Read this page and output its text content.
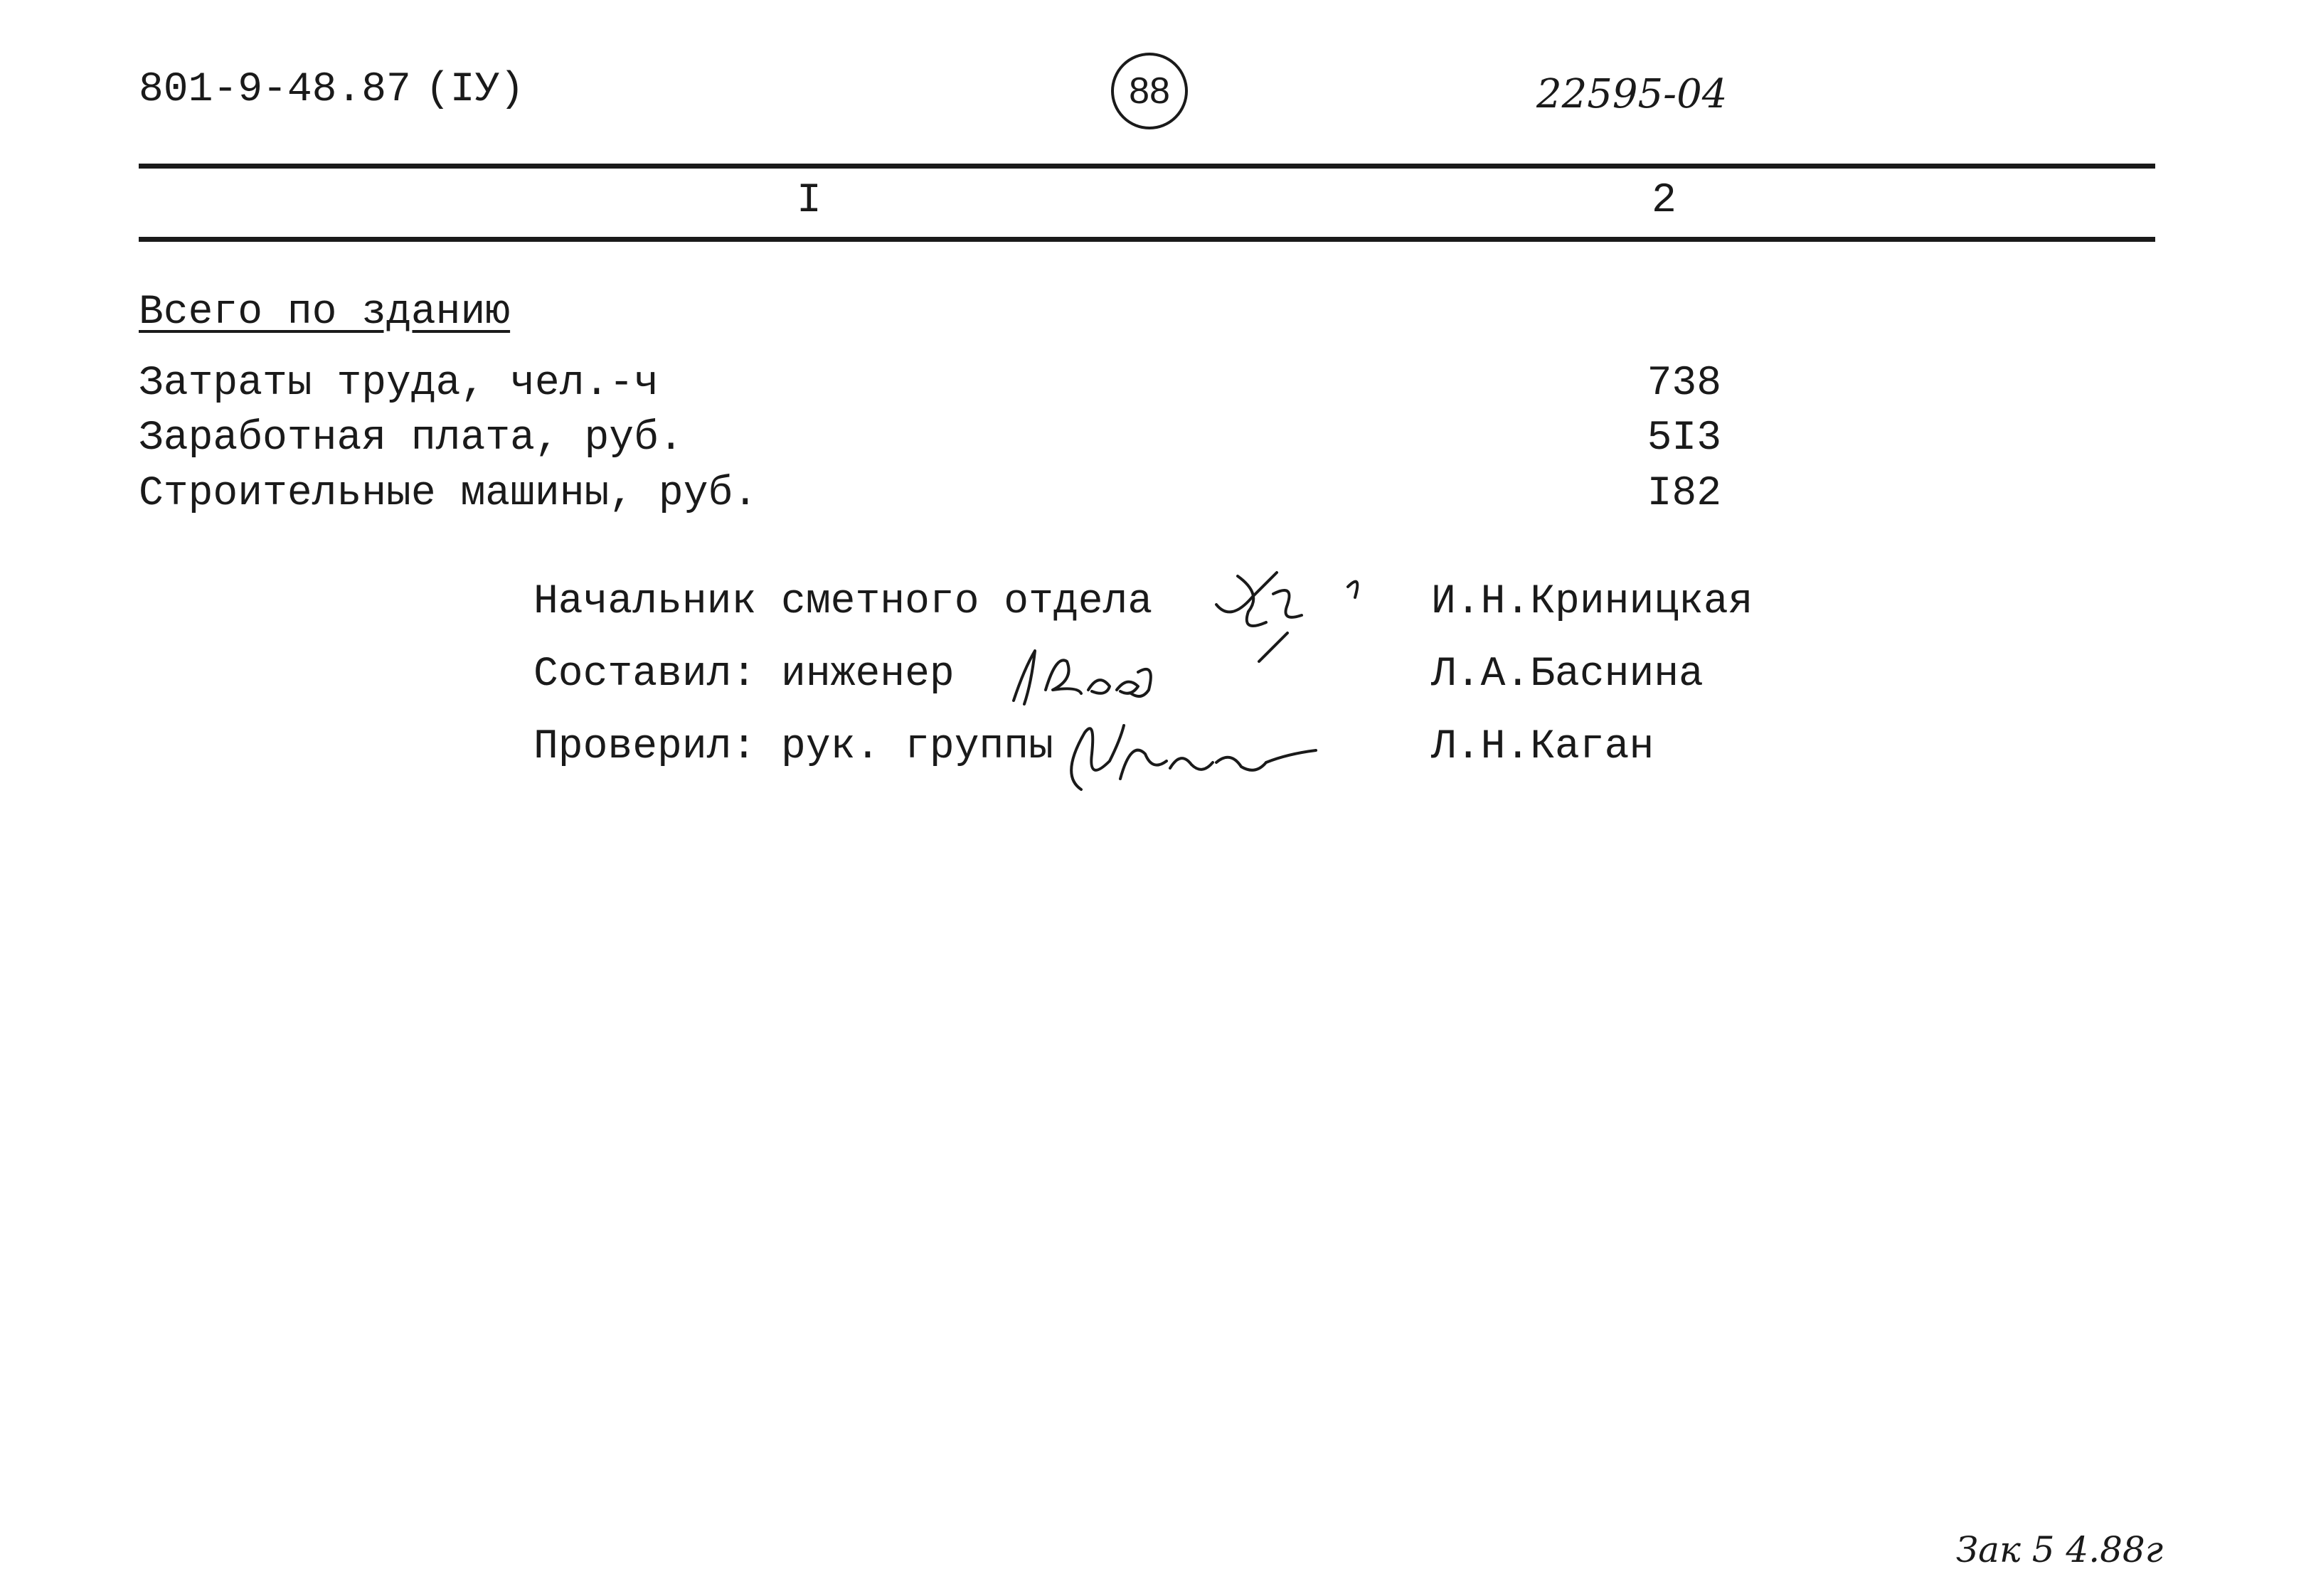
801-9-48.87 (IУ)	88	22595-04
I	2
Всего по зданию
Затраты труда, чел.-ч	738
Заработная плата, руб.	5I3
Строительные машины, руб.	I82
Начальник сметного отдела	И.Н.Криницкая
Составил: инженер	Л.А.Баснина
Проверил: рук. группы	Л.Н.Каган
Зак 5 4.88г
